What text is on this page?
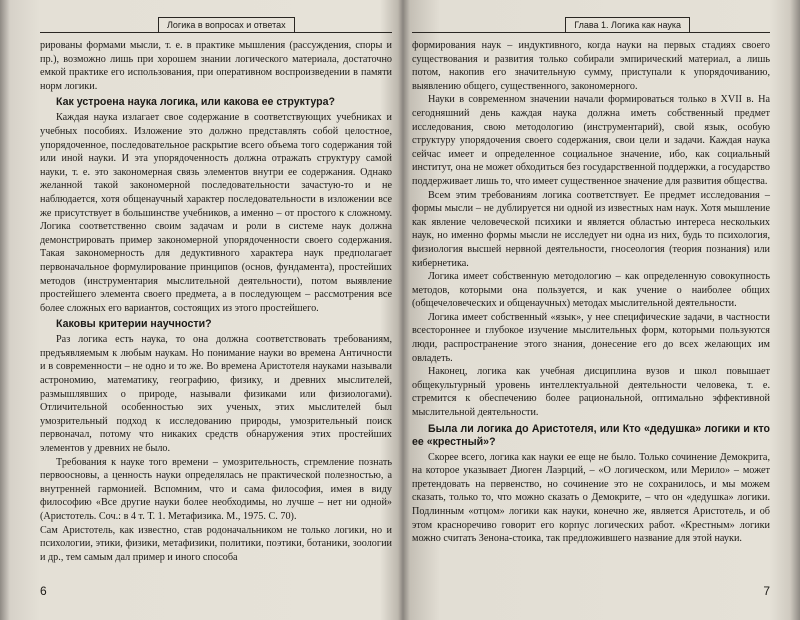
Логика в вопросах и ответах

рированы формами мысли, т. е. в практике мышления (рассуждения, споры и пр.), возможно лишь при хорошем знании логического материала, достаточно емкой практике его использования, при оперативном воспроизведении в памяти норм логики.

Как устроена наука логика, или какова ее структура?

Каждая наука излагает свое содержание в соответствующих учебниках и учебных пособиях. Изложение это должно представлять собой целостное, упорядоченное, последовательное раскрытие всего объема того содержания той или иной науки. И эта упорядоченность должна отражать структуру самой науки, т. е. это закономерная связь элементов внутри ее содержания. Однако желанной такой закономерной последовательности зачастую-то и не наблюдается, хотя общенаучный характер последовательности в изложении все же присутствует в большинстве учебников, а именно – от простого к сложному. Логика соответственно своим задачам и роли в системе наук должна демонстрировать пример закономерной упорядоченности своего содержания. Такая закономерность для дедуктивного характера наук предполагает первоначальное формулирование принципов (основ, фундамента), простейших методов (инструментария мыслительной деятельности), потом выявление простейшего элемента своего предмета, а в последующем – рассмотрения все более сложных его вариантов, состоящих из этого простейшего.

Каковы критерии научности?

Раз логика есть наука, то она должна соответствовать требованиям, предъявляемым к любым наукам. Но понимание науки во времена Античности и в современности – не одно и то же. Во времена Аристотеля науками называли астрономию, математику, географию, физику, и древних мыслителей, размышлявших о природе, называли физиками или физиологами). Отличительной особенностью эих ученых, этих мыслителей был умозрительный подход к исследованию природы, умозрительный поиск первоначал, потому что никаких средств обнаружения этих простейших элементов у древних не было.

Требования к науке того времени – умозрительность, стремление познать первоосновы, а ценность науки определялась не практической полезностью, а внутренней гармонией. Вспомним, что и сама философия, имея в виду философию «Все другие науки более необходимы, но лучше – нет ни одной» (Аристотель. Соч.: в 4 т. Т. 1. Метафизика. М., 1975. С. 70).

Сам Аристотель, как известно, став родоначальником не только логики, но и психологии, этики, физики, метафизики, политики, поэтики, ботаники, зоологии и др., тем самым дал пример и иного способа

6
Глава 1. Логика как наука

формирования наук – индуктивного, когда науки на первых стадиях своего существования и развития только собирали эмпирический материал, а лишь потом, накопив его значительную сумму, приступали к упорядочиванию, выявлению общего, существенного, закономерного.

Науки в современном значении начали формироваться только в XVII в. На сегодняшний день каждая наука должна иметь собственный предмет исследования, свою методологию (инструментарий), свой язык, особую структуру упорядочения своего содержания, свои цели и задачи. Каждая наука сейчас имеет и определенное социальное значение, ибо, как социальный институт, она не может обходиться без государственной поддержки, а государство поддерживает лишь то, что имеет существенное значение для развития общества.

Всем этим требованиям логика соответствует. Ее предмет исследования – формы мысли – не дублируется ни одной из известных нам наук. Хотя мышление как явление человеческой психики и является областью интереса нескольких наук, но именно формы мысли не исследует ни одна из них, будь то психология, физиология высшей нервной деятельности, гносеология (теория познания) или кибернетика.

Логика имеет собственную методологию – как определенную совокупность методов, которыми она пользуется, и как учение о наиболее общих (общечеловеческих и общенаучных) методах мыслительной деятельности.

Логика имеет собственный «язык», у нее специфические задачи, в частности всестороннее и глубокое изучение мыслительных форм, которыми пользуются люди, распространение этого знания, донесение его до всех желающих им овладеть.

Наконец, логика как учебная дисциплина вузов и школ повышает общекультурный уровень интеллектуальной деятельности человека, т. е. стремится к обеспечению более рациональной, оптимально эффективной мыслительной деятельности.

Была ли логика до Аристотеля, или Кто «дедушка» логики и кто ее «крестный»?

Скорее всего, логика как науки ее еще не было. Только сочинение Демокрита, на которое указывает Диоген Лаэрций, – «О логическом, или Мерило» – может претендовать на первенство, но сочинение это не сохранилось, и мы можем сказать, только то, что можно сказать о Демокрите, – что он «дедушка» логики. Подлинным «отцом» логики как науки, конечно же, является Аристотель, и об этом красноречиво говорит его корпус логических работ. «Крестным» логики можно считать Зенона-стоика, так предложившего название для этой науки.

7
